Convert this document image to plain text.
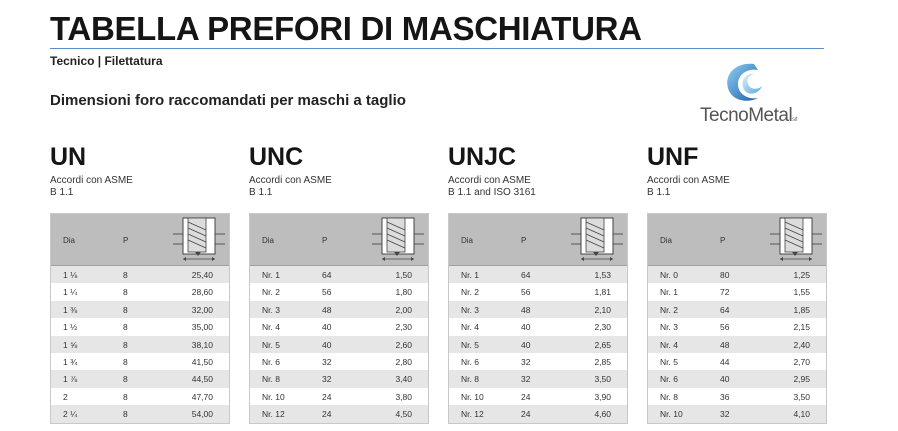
TABELLA PREFORI DI MASCHIATURA
Tecnico | Filettatura
Dimensioni foro raccomandati per maschi a taglio
TecnoMetalsrl
UN
Accordi con ASME
B 1.1
Dia	P
1 ⅛	8	25,40
1 ¼	8	28,60
1 ⅜	8	32,00
1 ½	8	35,00
1 ⅝	8	38,10
1 ¾	8	41,50
1 ⅞	8	44,50
2	8	47,70
2 ¼	8	54,00
UNC
Accordi con ASME
B 1.1
Dia	P
Nr. 1	64	1,50
Nr. 2	56	1,80
Nr. 3	48	2,00
Nr. 4	40	2,30
Nr. 5	40	2,60
Nr. 6	32	2,80
Nr. 8	32	3,40
Nr. 10	24	3,80
Nr. 12	24	4,50
UNJC
Accordi con ASME
B 1.1 and ISO 3161
Dia	P
Nr. 1	64	1,53
Nr. 2	56	1,81
Nr. 3	48	2,10
Nr. 4	40	2,30
Nr. 5	40	2,65
Nr. 6	32	2,85
Nr. 8	32	3,50
Nr. 10	24	3,90
Nr. 12	24	4,60
UNF
Accordi con ASME
B 1.1
Dia	P
Nr. 0	80	1,25
Nr. 1	72	1,55
Nr. 2	64	1,85
Nr. 3	56	2,15
Nr. 4	48	2,40
Nr. 5	44	2,70
Nr. 6	40	2,95
Nr. 8	36	3,50
Nr. 10	32	4,10
